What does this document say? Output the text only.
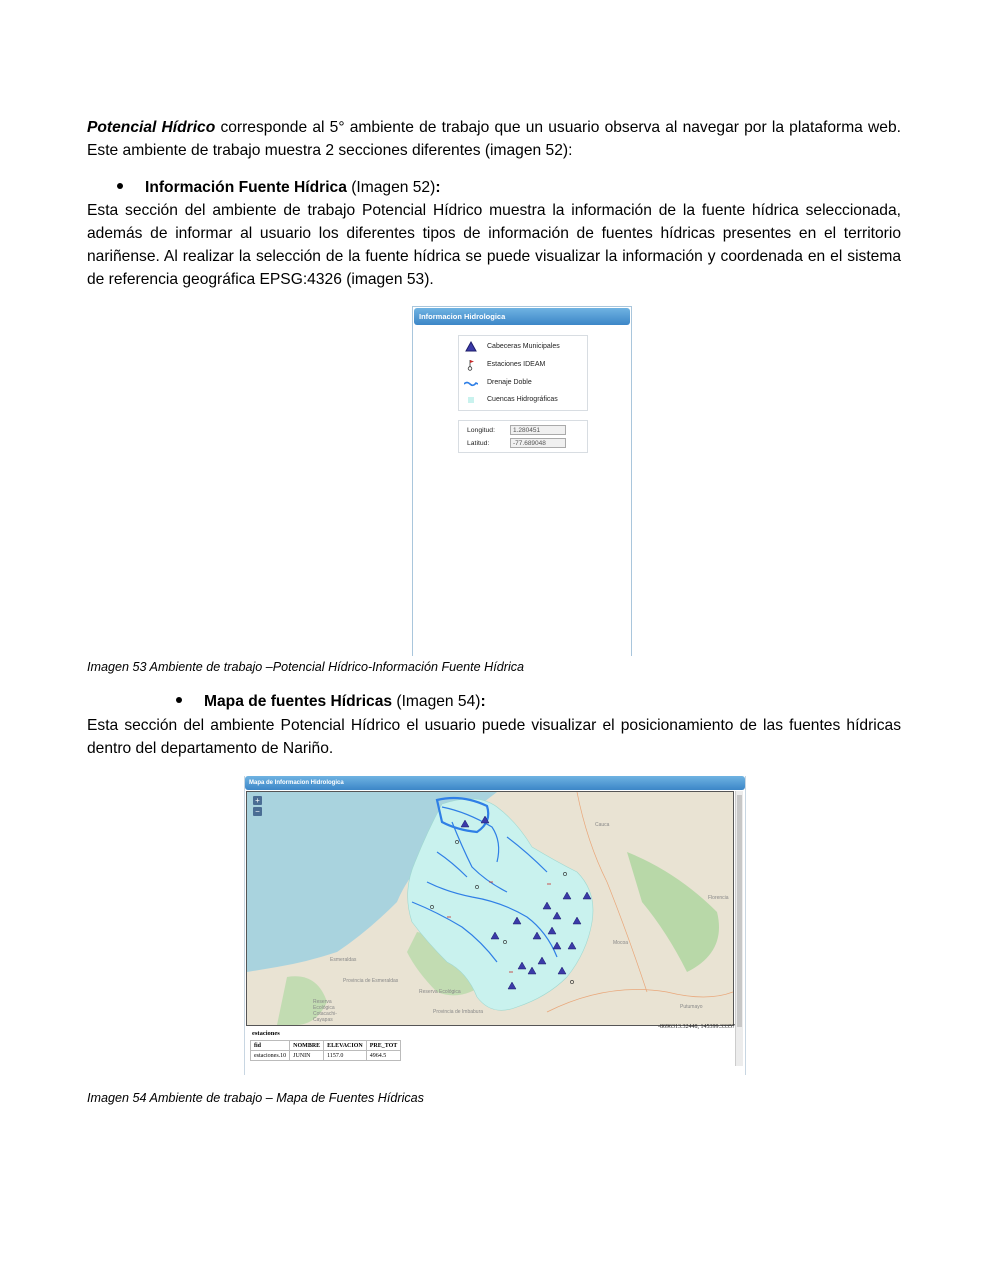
Potencial Hídrico corresponde al 5° ambiente de trabajo que un usuario observa al navegar por la plataforma web. Este ambiente de trabajo muestra 2 secciones diferentes (imagen 52):
Información Fuente Hídrica (Imagen 52):
Esta sección del ambiente de trabajo Potencial Hídrico muestra la información de la fuente hídrica seleccionada, además de informar al usuario los diferentes tipos de información de fuentes hídricas presentes en el territorio nariñense. Al realizar la selección de la fuente hídrica se puede visualizar la información y coordenada en el sistema de referencia geográfica EPSG:4326 (imagen 53).
Informacion Hidrologica
Cabeceras Municipales
Estaciones IDEAM
Drenaje Doble
Cuencas Hidrográficas
Longitud:	1.280451
Latitud:	-77.689048
Imagen 53 Ambiente de trabajo –Potencial Hídrico-Información Fuente Hídrica
Mapa de fuentes Hídricas (Imagen 54):
Esta sección del ambiente Potencial Hídrico el usuario puede visualizar el posicionamiento de las fuentes hídricas dentro del departamento de Nariño.
Mapa de Informacion Hidrologica
+
−
Cauca
Florencia
Mocoa
Putumayo
Esmeraldas
Provincia de Esmeraldas
Reserva Ecológica Cotacachi-Cayapas
Reserva Ecológica
Provincia de Imbabura
-8696313.32448, 145399.33357
estaciones
fid	NOMBRE	ELEVACION	PRE_TOT
estaciones.10	JUNIN	1157.0	4964.5
Imagen 54 Ambiente de trabajo – Mapa de Fuentes Hídricas
